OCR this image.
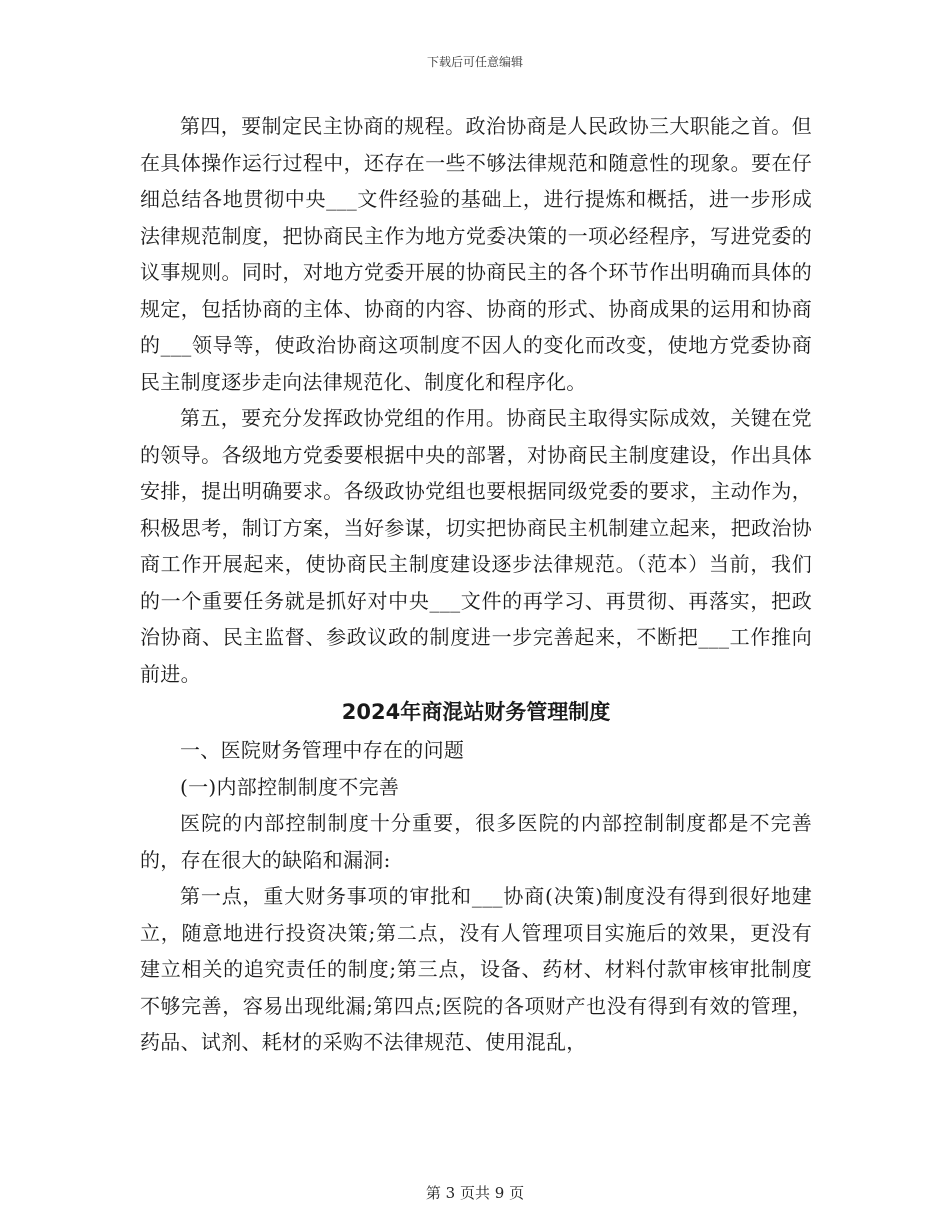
下载后可任意编辑

第四，要制定民主协商的规程。政治协商是人民政协三大职能之首。但在具体操作运行过程中，还存在一些不够法律规范和随意性的现象。要在仔细总结各地贯彻中央___文件经验的基础上，进行提炼和概括，进一步形成法律规范制度，把协商民主作为地方党委决策的一项必经程序，写进党委的议事规则。同时，对地方党委开展的协商民主的各个环节作出明确而具体的规定，包括协商的主体、协商的内容、协商的形式、协商成果的运用和协商的___领导等，使政治协商这项制度不因人的变化而改变，使地方党委协商民主制度逐步走向法律规范化、制度化和程序化。

第五，要充分发挥政协党组的作用。协商民主取得实际成效，关键在党的领导。各级地方党委要根据中央的部署，对协商民主制度建设，作出具体安排，提出明确要求。各级政协党组也要根据同级党委的要求，主动作为，积极思考，制订方案，当好参谋，切实把协商民主机制建立起来，把政治协商工作开展起来，使协商民主制度建设逐步法律规范。（范本）当前，我们的一个重要任务就是抓好对中央___文件的再学习、再贯彻、再落实，把政治协商、民主监督、参政议政的制度进一步完善起来，不断把___工作推向前进。

2024年商混站财务管理制度

一、医院财务管理中存在的问题

(一)内部控制制度不完善

医院的内部控制制度十分重要，很多医院的内部控制制度都是不完善的，存在很大的缺陷和漏洞:

第一点，重大财务事项的审批和___协商(决策)制度没有得到很好地建立，随意地进行投资决策;第二点，没有人管理项目实施后的效果，更没有建立相关的追究责任的制度;第三点，设备、药材、材料付款审核审批制度不够完善，容易出现纰漏;第四点;医院的各项财产也没有得到有效的管理，药品、试剂、耗材的采购不法律规范、使用混乱，

第 3 页共 9 页
